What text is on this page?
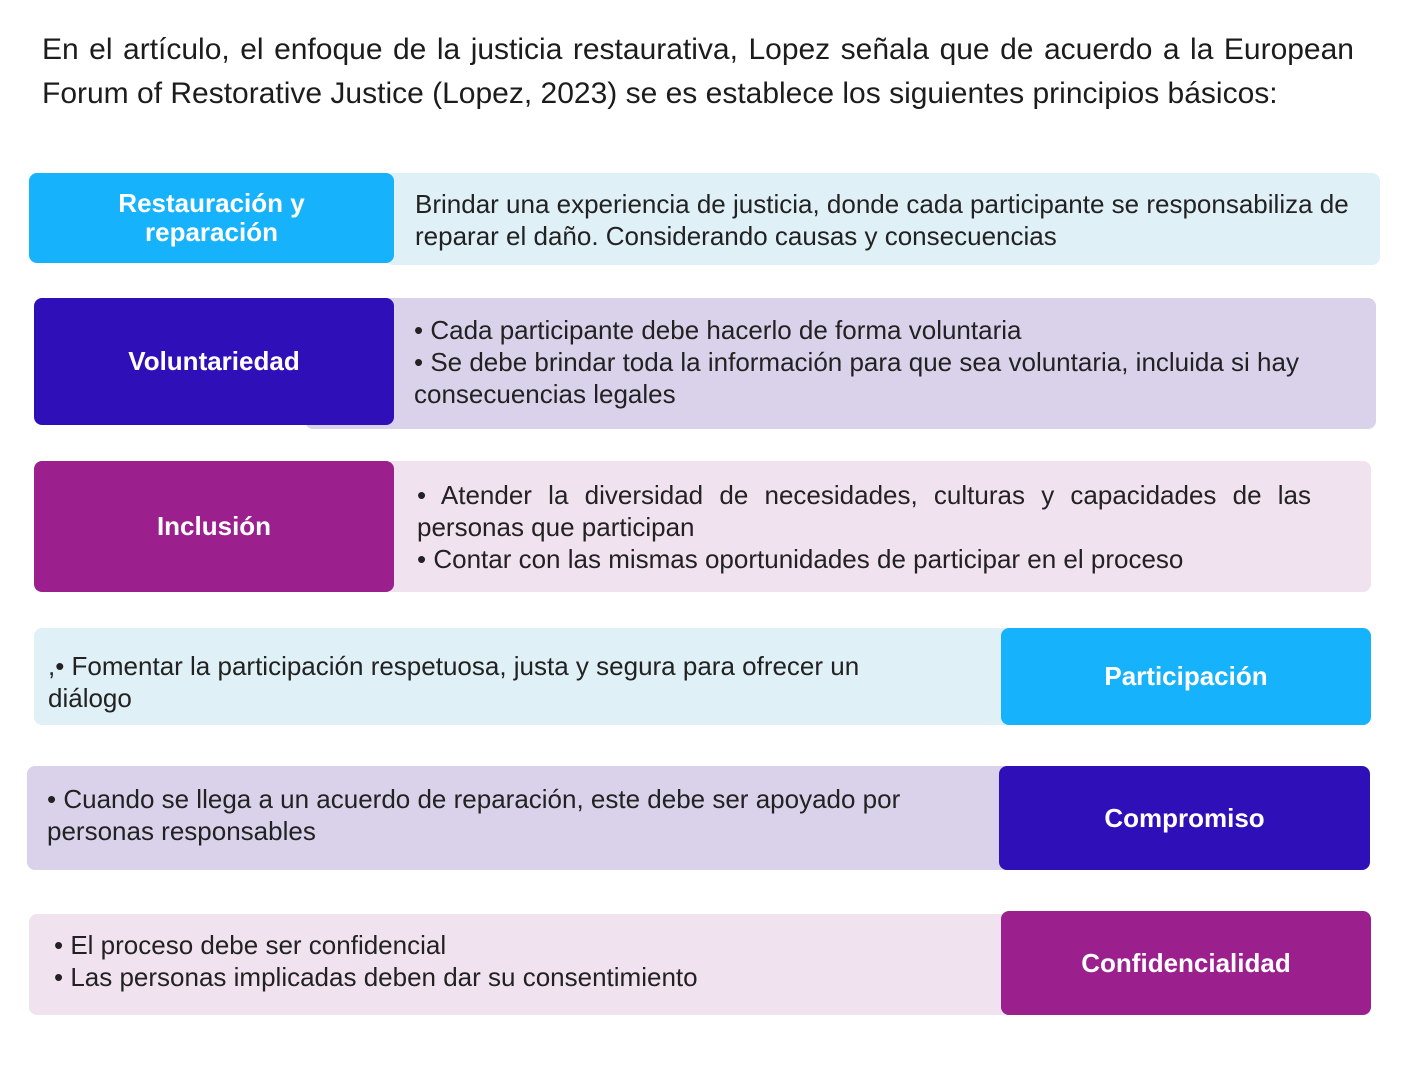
En el artículo, el enfoque de la justicia restaurativa, Lopez señala que de acuerdo a la European Forum of Restorative Justice (Lopez, 2023) se es establece los siguientes principios básicos:

Brindar una experiencia de justicia, donde cada participante se responsabiliza de reparar el daño. Considerando causas y consecuencias
Restauración y reparación
• Cada participante debe hacerlo de forma voluntaria
• Se debe brindar toda la información para que sea voluntaria, incluida si hay consecuencias legales
Voluntariedad
• Atender la diversidad de necesidades, culturas y capacidades de las personas que participan
• Contar con las mismas oportunidades de participar en el proceso
Inclusión
,• Fomentar la participación respetuosa, justa y segura para ofrecer un diálogo
Participación
• Cuando se llega a un acuerdo de reparación, este debe ser apoyado por personas responsables	Compromiso
• El proceso debe ser confidencial
• Las personas implicadas deben dar su consentimiento	Confidencialidad
